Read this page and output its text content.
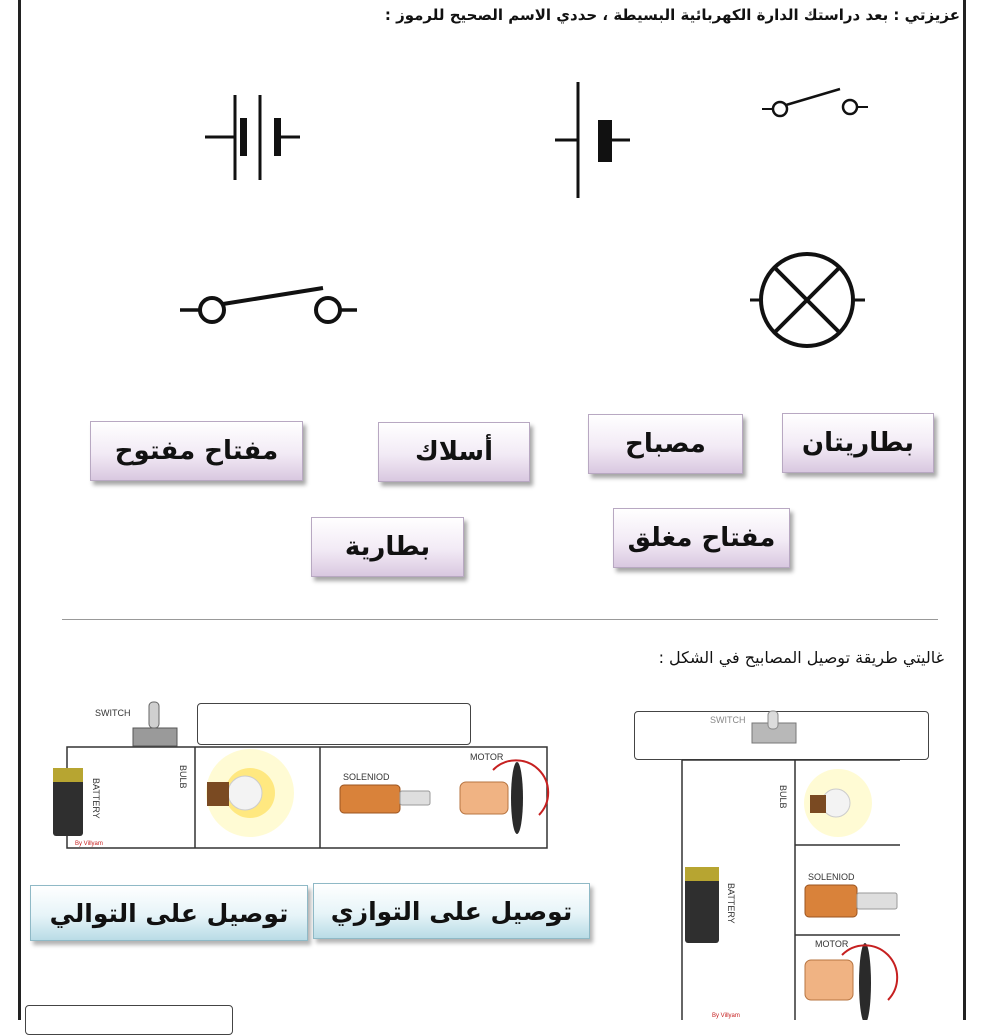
عزيزتي : بعد دراستك الدارة الكهربائية البسيطة ، حددي الاسم الصحيح للرموز :
بطاريتان
مصباح
أسلاك
مفتاح مفتوح
مفتاح مغلق
بطارية
غاليتي طريقة توصيل المصابيح في الشكل :
SWITCH
BATTERY
BULB	SOLENIOD
MOTOR
By Villyam
توصيل على التوالي	توصيل على التوازي
SWITCH
BULB
BATTERY
SOLENIOD
MOTOR
By Villyam
